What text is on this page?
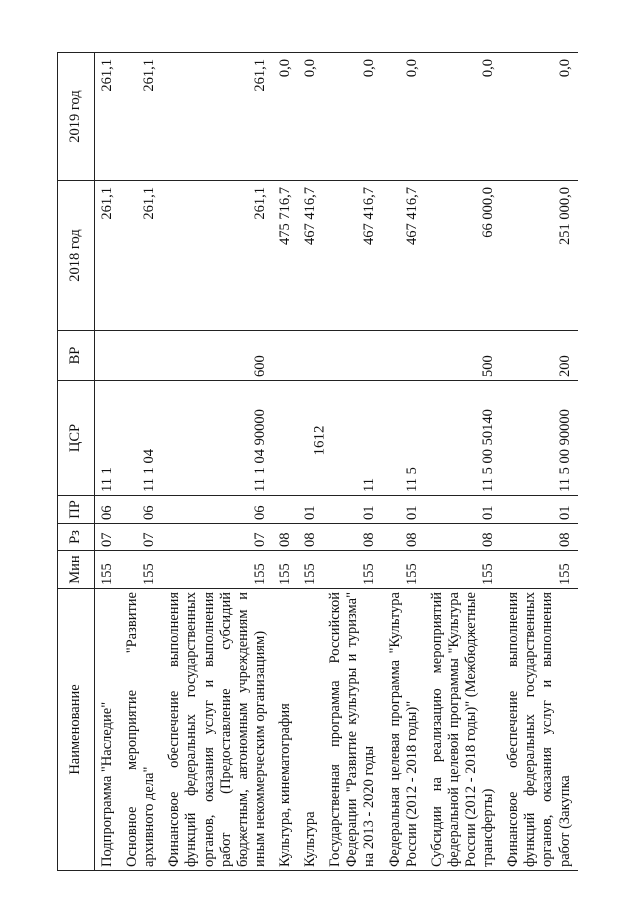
1612
Наименование	Мин	Рз	ПР	ЦСР	ВР	2018 год	2019 год
Подпрограмма "Наследие"	155	07	06	11 1		261,1	261,1
Основное мероприятие "Развитие архивного дела"	155	07	06	11 1 04		261,1	261,1
Финансовое обеспечение выполнения функций федеральных государственных органов, оказания услуг и выполнения работ (Предоставление субсидий бюджетным, автономным учреждениям и иным некоммерческим организациям)	155	07	06	11 1 04 90000	600	261,1	261,1
Культура, кинематография	155	08				475 716,7	0,0
Культура	155	08	01			467 416,7	0,0
Государственная программа Российской Федерации "Развитие культуры и туризма" на 2013 - 2020 годы	155	08	01	11		467 416,7	0,0
Федеральная целевая программа "Культура России (2012 - 2018 годы)"	155	08	01	11 5		467 416,7	0,0
Субсидии на реализацию мероприятий федеральной целевой программы "Культура России (2012 - 2018 годы)" (Межбюджетные трансферты)	155	08	01	11 5 00 50140	500	66 000,0	0,0
Финансовое обеспечение выполнения функций федеральных государственных органов, оказания услуг и выполнения работ (Закупка	155	08	01	11 5 00 90000	200	251 000,0	0,0
